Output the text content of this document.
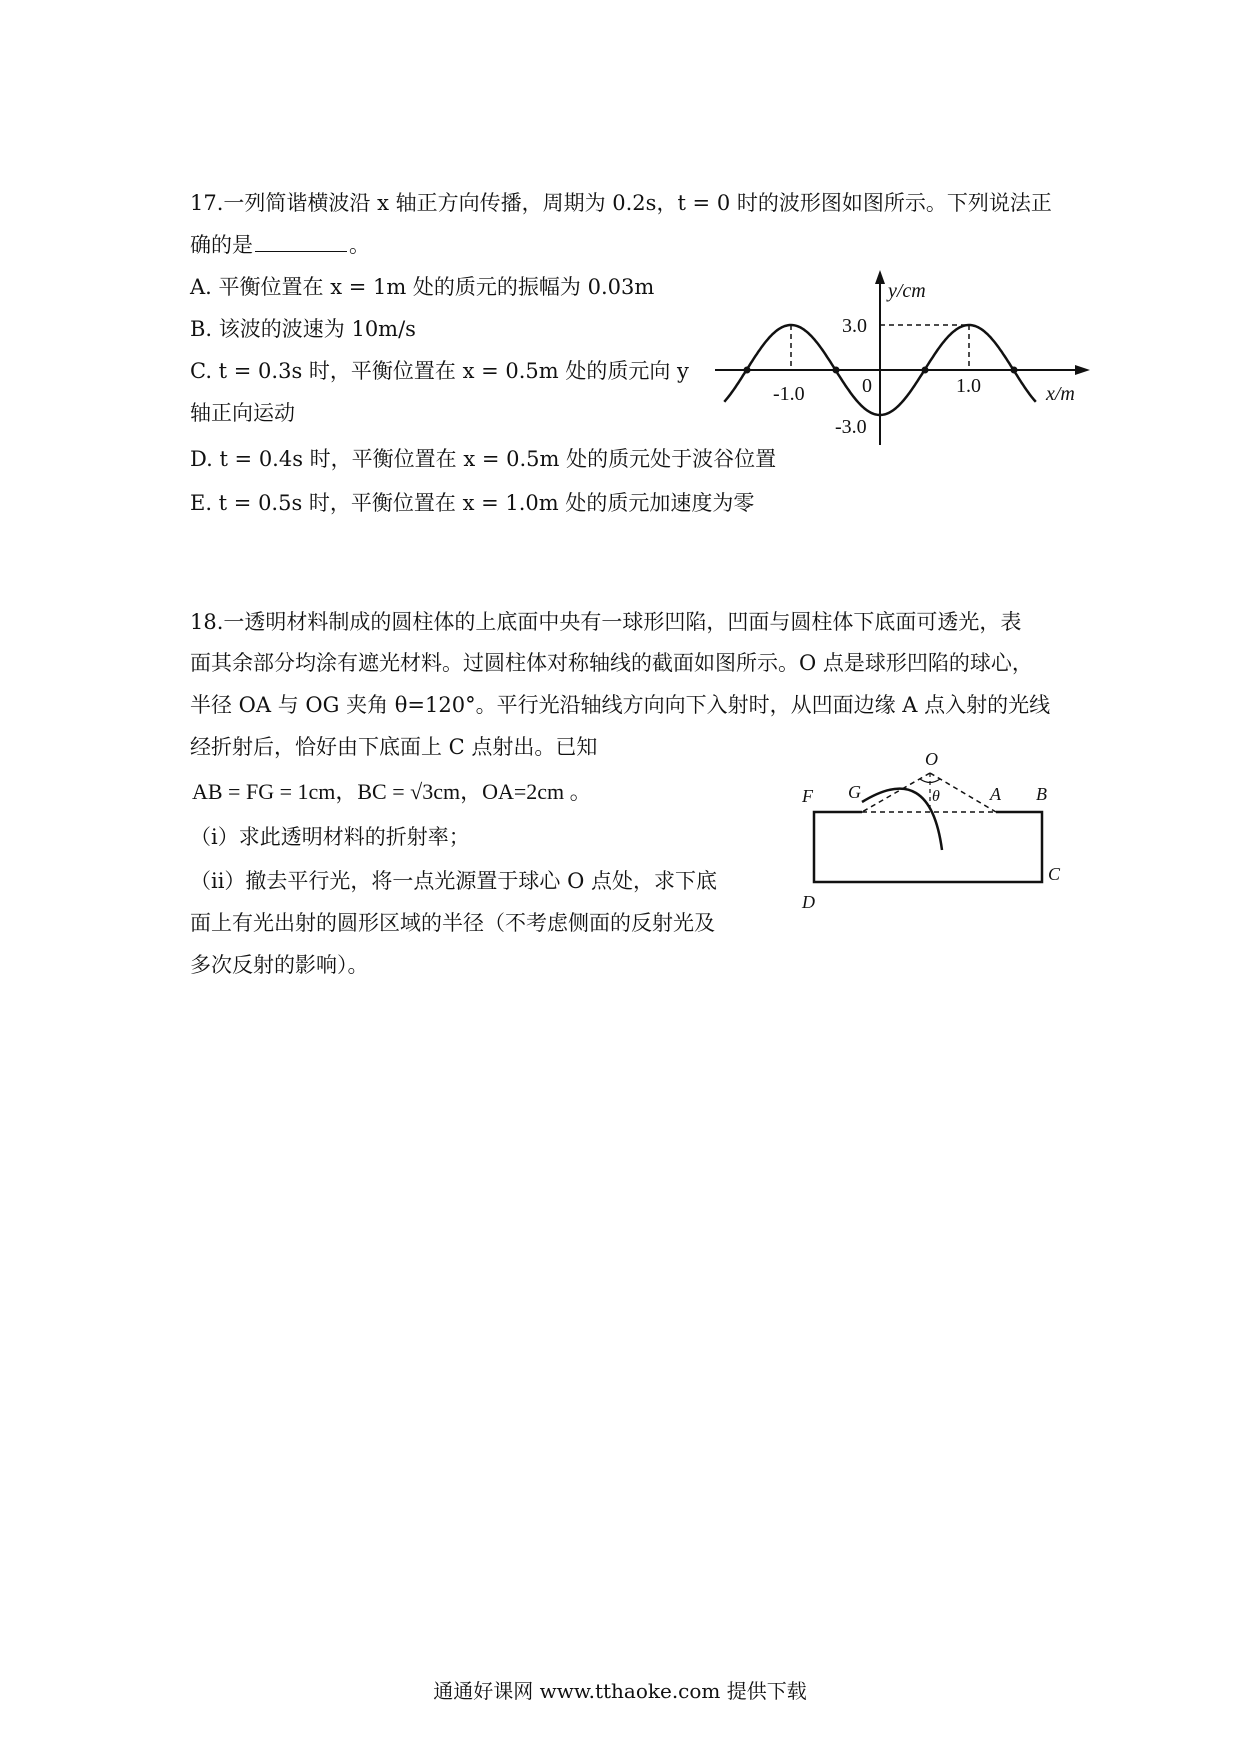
17.一列简谐横波沿 x 轴正方向传播，周期为 0.2s，t = 0 时的波形图如图所示。下列说法正
确的是	。
A. 平衡位置在 x = 1m 处的质元的振幅为 0.03m
B. 该波的波速为 10m/s
C. t = 0.3s 时，平衡位置在 x = 0.5m 处的质元向 y
轴正向运动
D. t = 0.4s 时，平衡位置在 x = 0.5m 处的质元处于波谷位置
E. t = 0.5s 时，平衡位置在 x = 1.0m 处的质元加速度为零
y/cm
3.0
-3.0
-1.0	0	1.0	x/m
18.一透明材料制成的圆柱体的上底面中央有一球形凹陷，凹面与圆柱体下底面可透光，表
面其余部分均涂有遮光材料。过圆柱体对称轴线的截面如图所示。O 点是球形凹陷的球心，
半径 OA 与 OG 夹角 θ=120°。平行光沿轴线方向向下入射时，从凹面边缘 A 点入射的光线
经折射后，恰好由下底面上 C 点射出。已知
AB = FG = 1cm，BC = √3cm，OA=2cm 。
（i）求此透明材料的折射率；
（ii）撤去平行光，将一点光源置于球心 O 点处，求下底
面上有光出射的圆形区域的半径（不考虑侧面的反射光及
多次反射的影响）。
O
θ
F G	A B
C
D
通通好课网 www.tthaoke.com 提供下载
